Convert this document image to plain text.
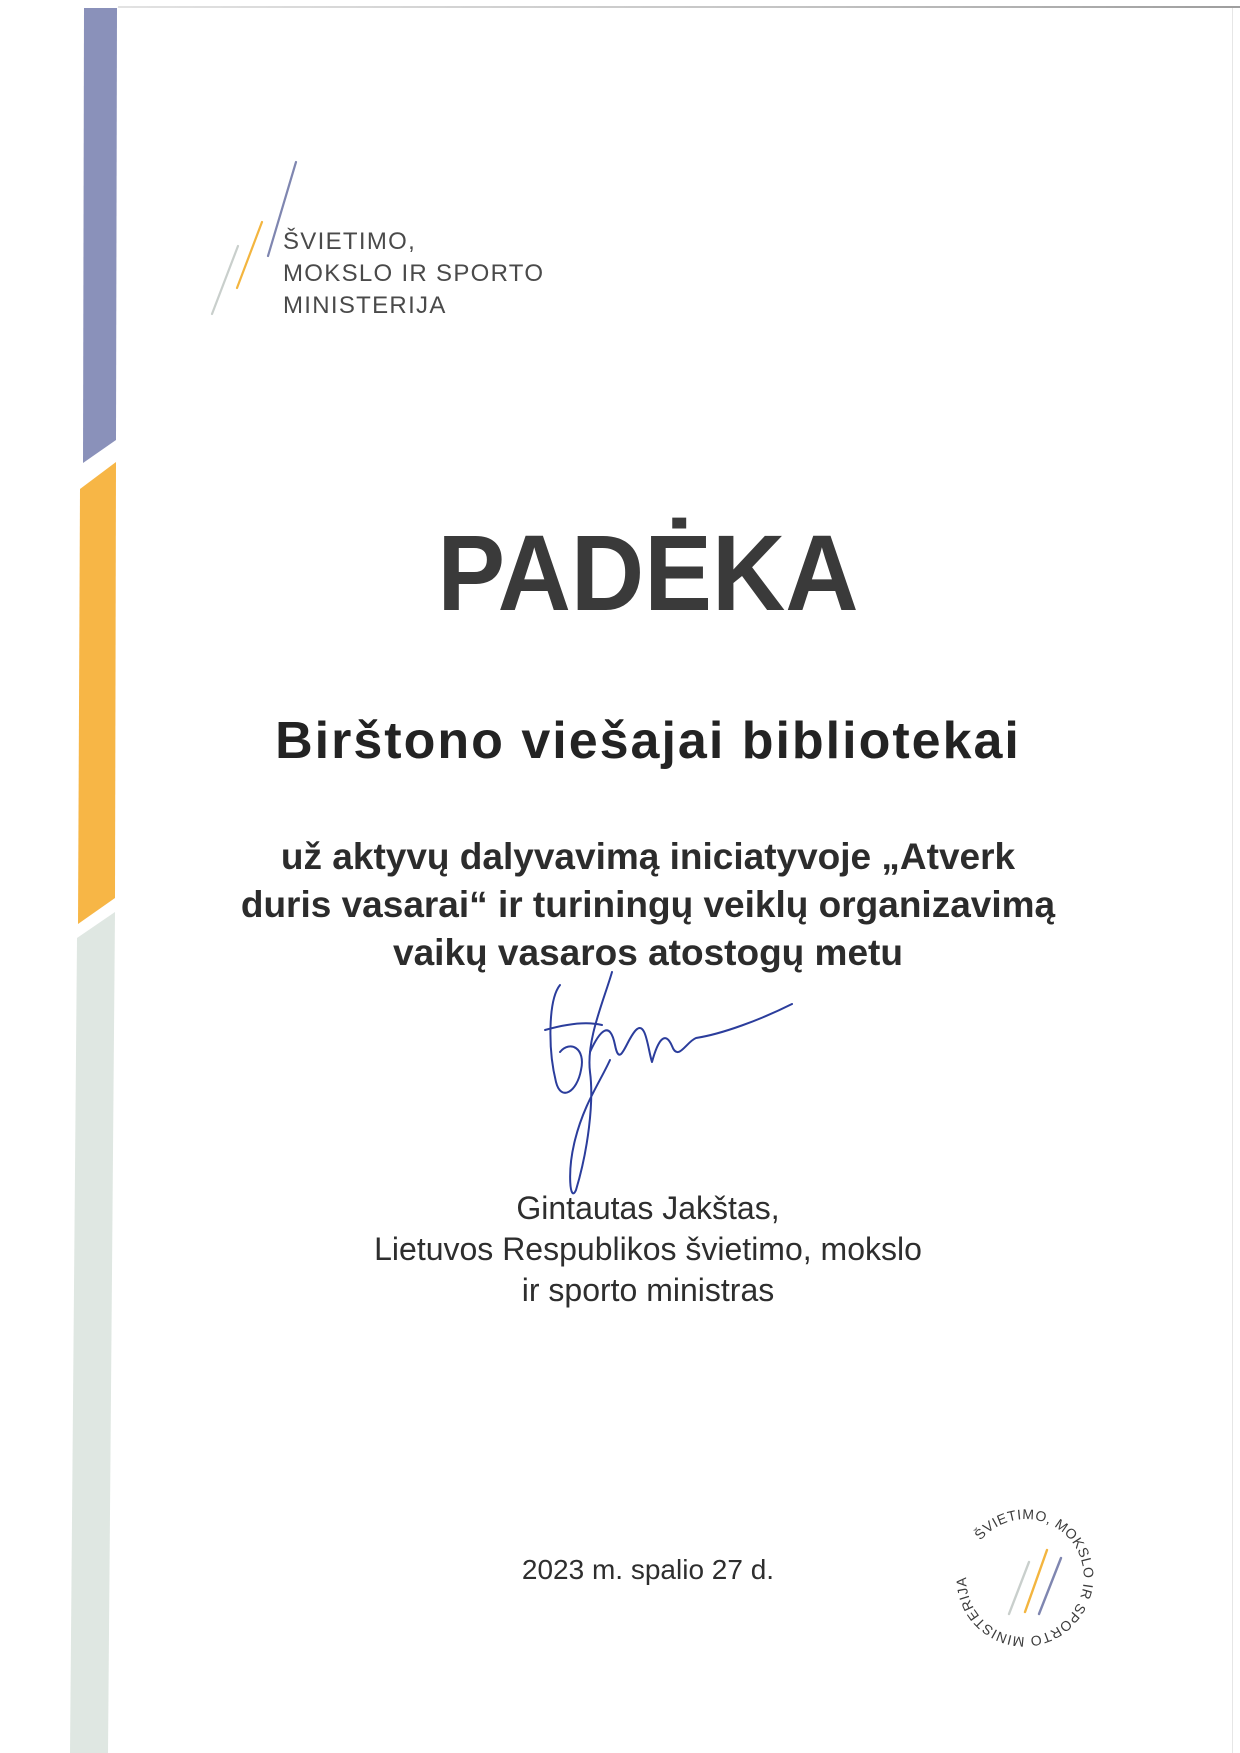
ŠVIETIMO,
MOKSLO IR SPORTO
MINISTERIJA
PADĖKA
Birštono viešajai bibliotekai
už aktyvų dalyvavimą iniciatyvoje „Atverk
duris vasarai“ ir turiningų veiklų organizavimą
vaikų vasaros atostogų metu
Gintautas Jakštas,
Lietuvos Respublikos švietimo, mokslo
ir sporto ministras
2023 m. spalio 27 d.
ŠVIETIMO, MOKSLO IR SPORTO MINISTERIJA
